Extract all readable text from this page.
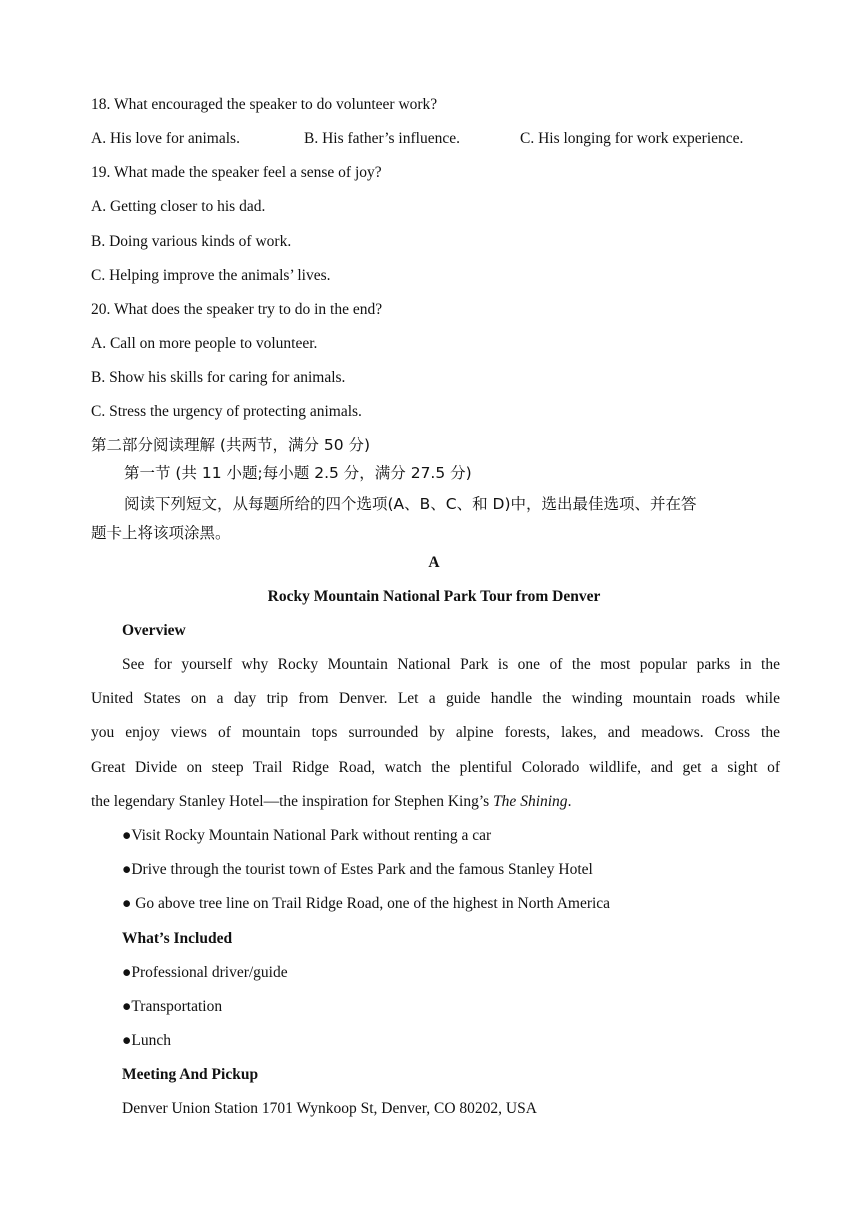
18. What encouraged the speaker to do volunteer work?
A. His love for animals.	B. His father’s influence.	C. His longing for work experience.
19. What made the speaker feel a sense of joy?
A. Getting closer to his dad.
B. Doing various kinds of work.
C. Helping improve the animals’ lives.
20. What does the speaker try to do in the end?
A. Call on more people to volunteer.
B. Show his skills for caring for animals.
C. Stress the urgency of protecting animals.
第二部分阅读理解 (共两节，满分 50 分)
第一节 (共 11 小题;每小题 2.5 分，满分 27.5 分)
阅读下列短文，从每题所给的四个选项(A、B、C、和 D)中，选出最佳选项、并在答
题卡上将该项涂黑。
A
Rocky Mountain National Park Tour from Denver
Overview
See for yourself why Rocky Mountain National Park is one of the most popular parks in the
United States on a day trip from Denver. Let a guide handle the winding mountain roads while
you enjoy views of mountain tops surrounded by alpine forests, lakes, and meadows. Cross the
Great Divide on steep Trail Ridge Road, watch the plentiful Colorado wildlife, and get a sight of
the legendary Stanley Hotel—the inspiration for Stephen King’s The Shining.
●Visit Rocky Mountain National Park without renting a car
●Drive through the tourist town of Estes Park and the famous Stanley Hotel
● Go above tree line on Trail Ridge Road, one of the highest in North America
What’s Included
●Professional driver/guide
●Transportation
●Lunch
Meeting And Pickup
Denver Union Station 1701 Wynkoop St, Denver, CO 80202, USA
